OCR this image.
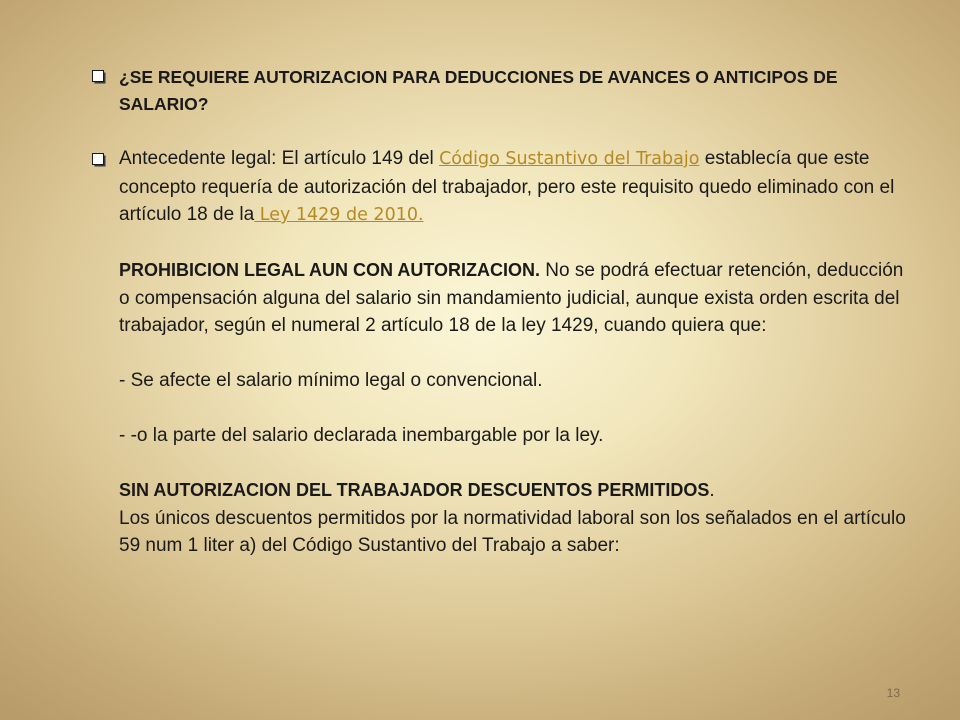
¿SE REQUIERE AUTORIZACION PARA DEDUCCIONES DE AVANCES O ANTICIPOS DE SALARIO?

Antecedente legal: El artículo 149 del Código Sustantivo del Trabajo establecía que este concepto requería de autorización del trabajador, pero este requisito quedo eliminado con el artículo 18 de la Ley 1429 de 2010.

PROHIBICION LEGAL AUN CON AUTORIZACION. No se podrá efectuar retención, deducción o compensación alguna del salario sin mandamiento judicial, aunque exista orden escrita del trabajador, según el numeral 2 artículo 18 de la ley 1429, cuando quiera que:

- Se afecte el salario mínimo legal o convencional.

- -o la parte del salario declarada inembargable por la ley.

SIN AUTORIZACION DEL TRABAJADOR DESCUENTOS PERMITIDOS.

Los únicos descuentos permitidos por la normatividad laboral son los señalados en el artículo 59 num 1 liter a) del Código Sustantivo del Trabajo a saber:

13
